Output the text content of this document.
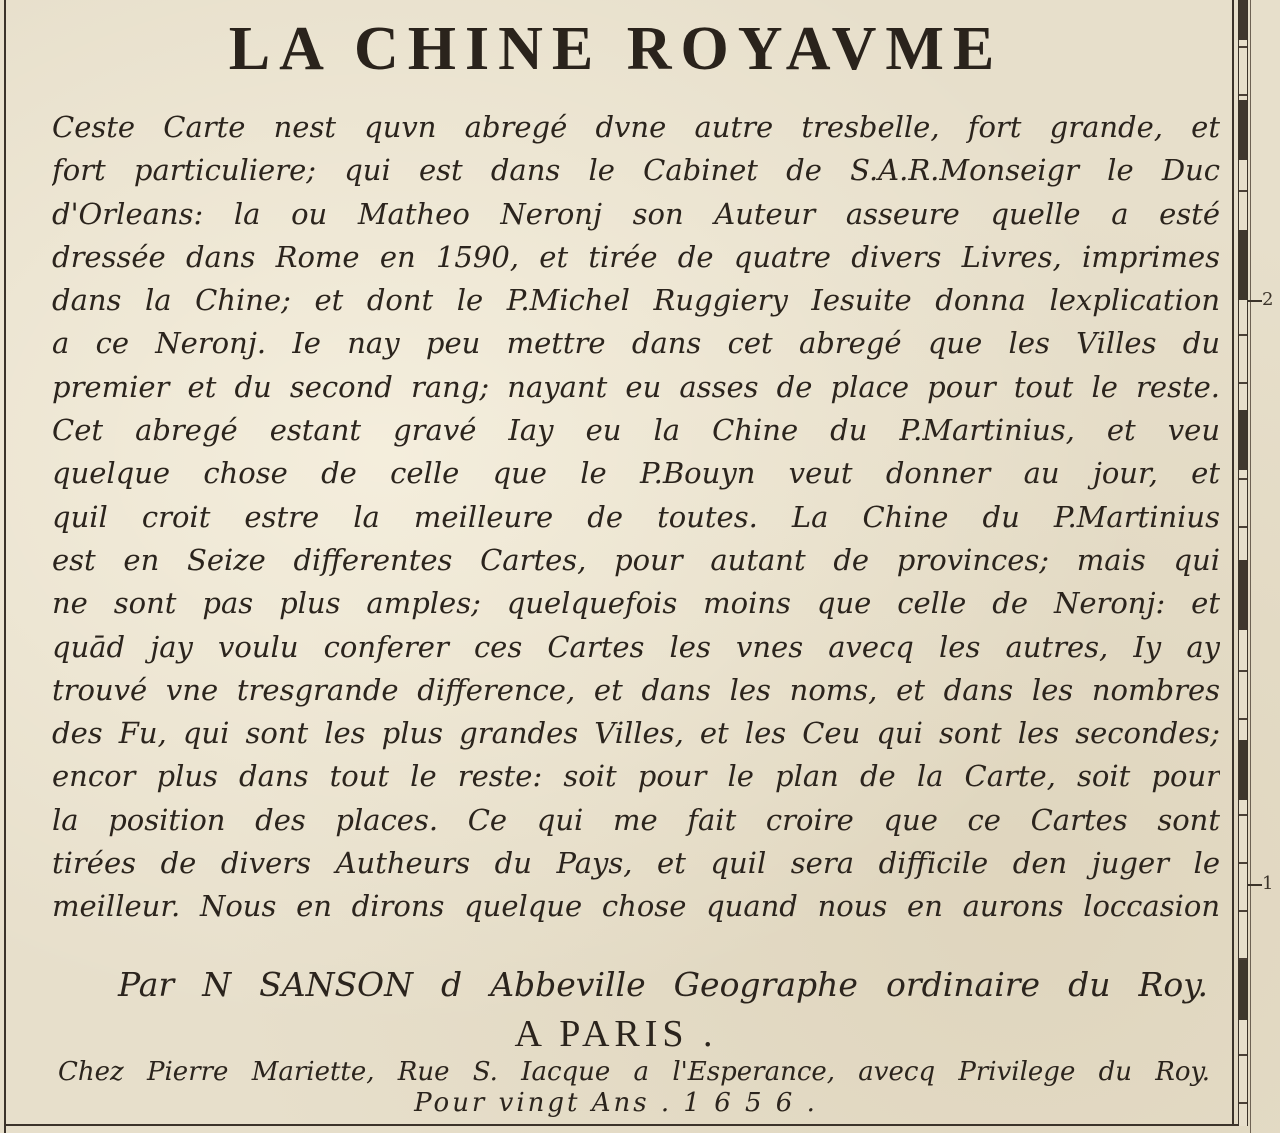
2
1
LA CHINE ROYAVME
Ceste Carte nest quvn abregé dvne autre tresbelle, fort grande, et
fort particuliere; qui est dans le Cabinet de S.A.R.Monseigr le Duc
d'Orleans: la ou Matheo Neronj son Auteur asseure quelle a esté
dressée dans Rome en 1590, et tirée de quatre divers Livres, imprimes
dans la Chine; et dont le P.Michel Ruggiery Iesuite donna lexplication
a ce Neronj. Ie nay peu mettre dans cet abregé que les Villes du
premier et du second rang; nayant eu asses de place pour tout le reste.
Cet abregé estant gravé Iay eu la Chine du P.Martinius, et veu
quelque chose de celle que le P.Bouyn veut donner au jour, et
quil croit estre la meilleure de toutes. La Chine du P.Martinius
est en Seize differentes Cartes, pour autant de provinces; mais qui
ne sont pas plus amples; quelquefois moins que celle de Neronj: et
quād jay voulu conferer ces Cartes les vnes avecq les autres, Iy ay
trouvé vne tresgrande difference, et dans les noms, et dans les nombres
des Fu, qui sont les plus grandes Villes, et les Ceu qui sont les secondes;
encor plus dans tout le reste: soit pour le plan de la Carte, soit pour
la position des places. Ce qui me fait croire que ce Cartes sont
tirées de divers Autheurs du Pays, et quil sera difficile den juger le
meilleur. Nous en dirons quelque chose quand nous en aurons loccasion

Par N SANSON d Abbeville Geographe ordinaire du Roy.

A PARIS .

Chez Pierre Mariette, Rue S. Iacque a l'Esperance, avecq Privilege du Roy.

Pour vingt Ans . 1 6 5 6 .
